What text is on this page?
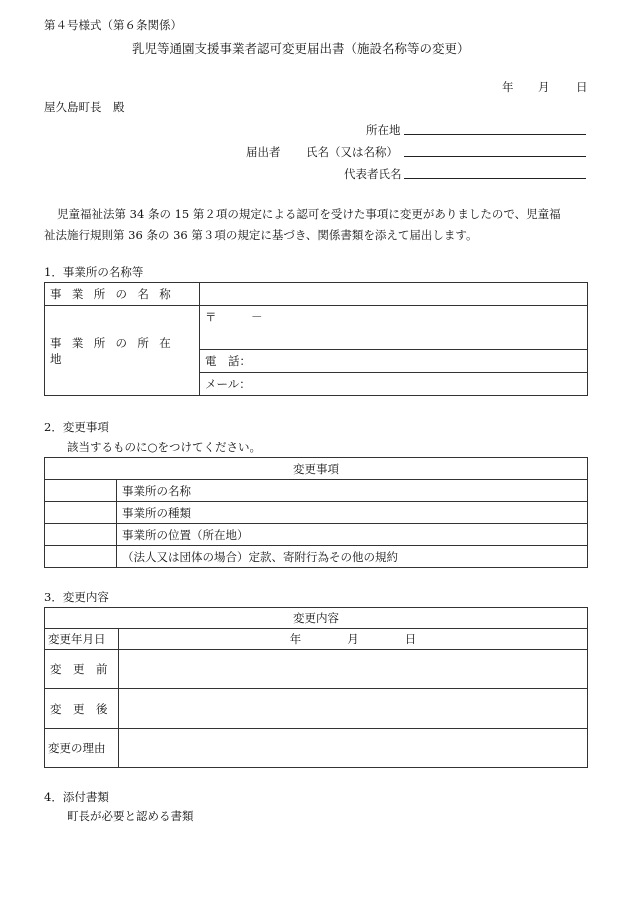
第４号様式（第６条関係）
乳児等通園支援事業者認可変更届出書（施設名称等の変更）
年 月 日
屋久島町長　殿
所在地
届出者 氏名（又は名称）
代表者氏名
児童福祉法第 34 条の 15 第２項の規定による認可を受けた事項に変更がありましたので、児童福
祉法施行規則第 36 条の 36 第３項の規定に基づき、関係書類を添えて届出します。
1．事業所の名称等
事業所の名称	
事業所の所在地	〒　　　－
	電　話：
	メール：
2．変更事項
該当するものに○をつけてください。
変更事項	
	事業所の名称
	事業所の種類
	事業所の位置（所在地）
	（法人又は団体の場合）定款、寄附行為その他の規約
3．変更内容
変更内容	
変更年月日	年　　　　月　　　　日
変　更　前	
変　更　後	
変更の理由	
4．添付書類
町長が必要と認める書類
